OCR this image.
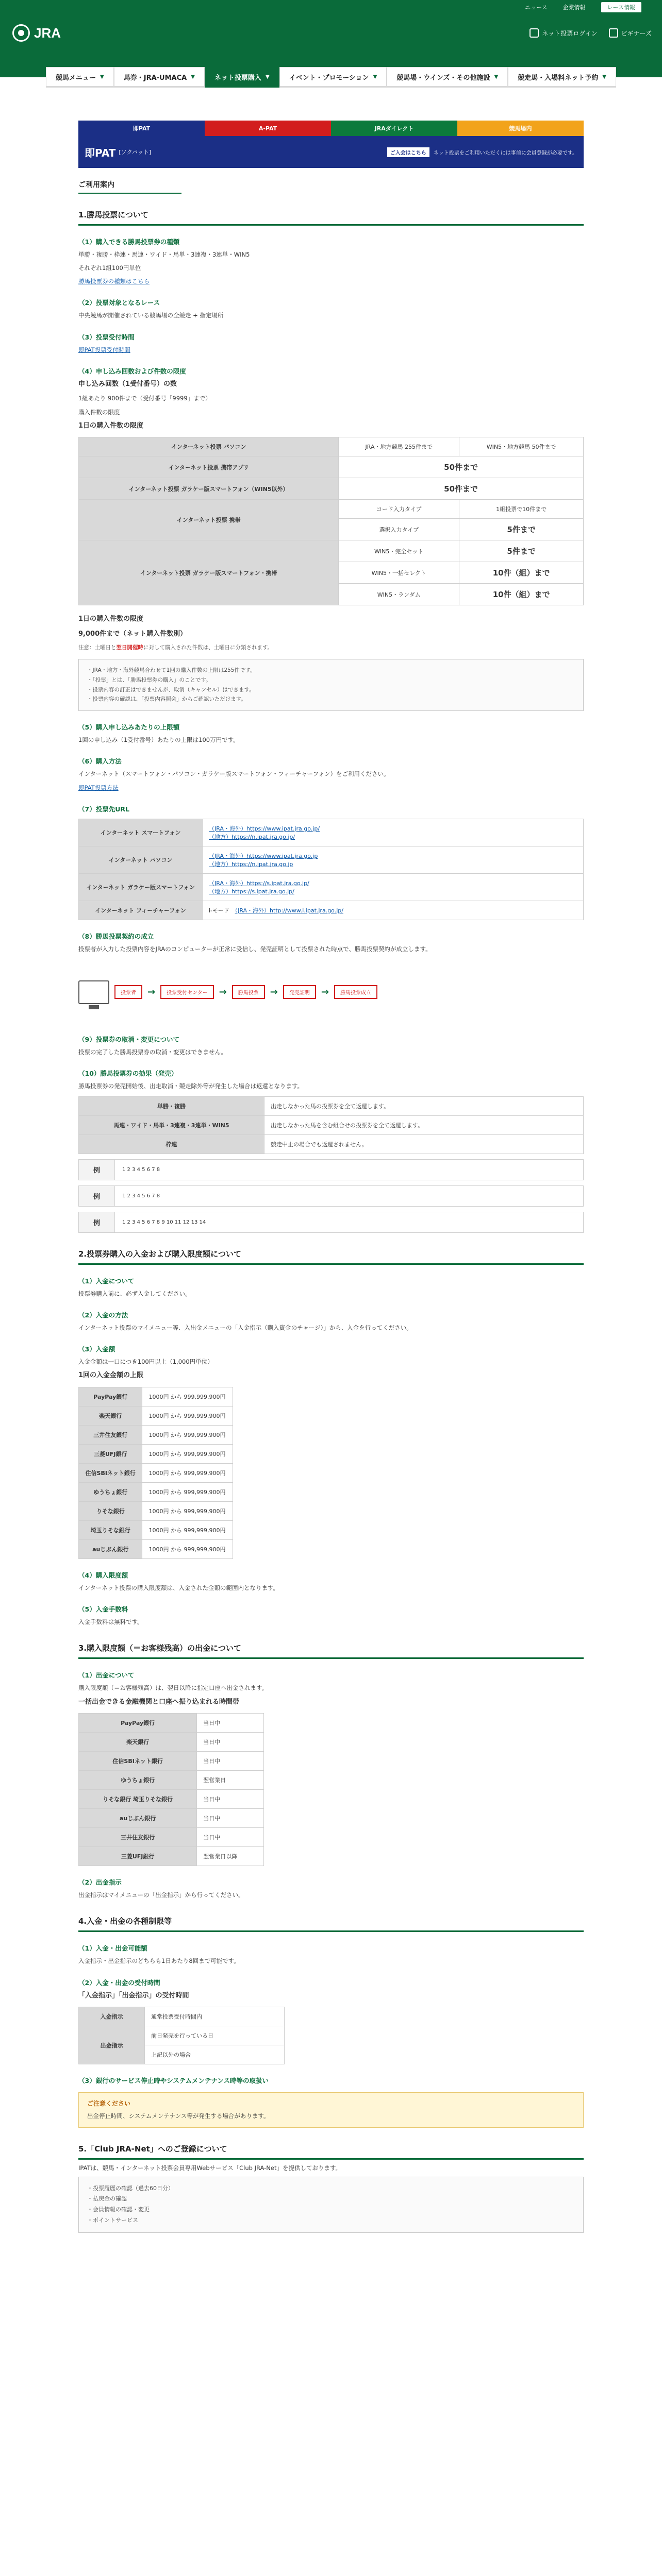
ニュース	企業情報	レース情報
JRA	ネット投票ログイン	ビギナーズ
競馬メニュー ▼	馬券・JRA-UMACA ▼	ネット投票購入 ▼	イベント・プロモーション ▼	競馬場・ウインズ・その他施設 ▼	競走馬・入場料ネット予約 ▼
即PAT	A-PAT	JRAダイレクト	競馬場内
即PAT [ソクパット]	ご入会はこちら	ネット投票をご利用いただくには事前に会員登録が必要です。
ご利用案内
1.勝馬投票について
（1）購入できる勝馬投票券の種類

単勝・複勝・枠連・馬連・ワイド・馬単・3連複・3連単・WIN5

それぞれ1組100円単位

勝馬投票券の種類はこちら

（2）投票対象となるレース

中央競馬が開催されている競馬場の全競走 + 指定場所

（3）投票受付時間

即PAT投票受付時間

（4）申し込み回数および件数の限度

申し込み回数（1受付番号）の数

1組あたり 900件まで（受付番号「9999」まで）

購入件数の限度

1日の購入件数の限度

インターネット投票 パソコン	JRA・地方競馬 255件まで	WIN5・地方競馬 50件まで
インターネット投票 携帯アプリ	50件まで	
インターネット投票 ガラケー版スマートフォン（WIN5以外）	50件まで	
インターネット投票 携帯	コード入力タイプ	1組投票で10件まで
	選択入力タイプ	5件まで
インターネット投票 ガラケー版スマートフォン・携帯	WIN5・完全セット	5件まで
	WIN5・一括セレクト	10件（組）まで
	WIN5・ランダム	10件（組）まで

1日の購入件数の限度

9,000件まで（ネット購入件数別）

注意：土曜日と翌日開催時に対して購入された件数は、土曜日に分類されます。

・ JRA・地方・海外競馬合わせて1回の購入件数の上限は255件です。
・ 「投票」とは、「勝馬投票券の購入」のことです。
・ 投票内容の訂正はできませんが、取消（キャンセル）はできます。
・ 投票内容の確認は、「投票内容照会」からご確認いただけます。
（5）購入申し込みあたりの上限額

1回の申し込み（1受付番号）あたりの上限は100万円です。

（6）購入方法

インターネット（スマートフォン・パソコン・ガラケー版スマートフォン・フィーチャーフォン）をご利用ください。

即PAT投票方法

（7）投票先URL
インターネット スマートフォン	（JRA・海外）https://www.ipat.jra.go.jp/
（地方）https://n.ipat.jra.go.jp/
インターネット パソコン	（JRA・海外）https://www.ipat.jra.go.jp
（地方）https://n.ipat.jra.go.jp
インターネット ガラケー版スマートフォン	（JRA・海外）https://s.ipat.jra.go.jp/
（地方）https://s.ipat.jra.go.jp/
インターネット フィーチャーフォン	i-モード　 （JRA・海外）http://www.i.ipat.jra.go.jp/
（8）勝馬投票契約の成立

投票者が入力した投票内容をJRAのコンピューターが正常に受信し、発売証明として投票された時点で、勝馬投票契約が成立します。

投票者	→	投票受付センター	→	勝馬投票	→	発売証明	→	勝馬投票成立
（9）投票券の取消・変更について

投票の完了した勝馬投票券の取消・変更はできません。

（10）勝馬投票券の効果（発売）

勝馬投票券の発売開始後、出走取消・競走除外等が発生した場合は返還となります。

単勝・複勝	出走しなかった馬の投票券を全て返還します。
馬連・ワイド・馬単・3連複・3連単・WIN5	出走しなかった馬を含む組合せの投票券を全て返還します。
枠連	競走中止の場合でも返還されません。
例	1 2 3 4 5 6 7 8
例	1 2 3 4 5 6 7 8
例	1 2 3 4 5 6 7 8 9 10 11 12 13 14
2.投票券購入の入金および購入限度額について
（1）入金について

投票券購入前に、必ず入金してください。

（2）入金の方法

インターネット投票のマイメニュー等、入出金メニューの「入金指示（購入資金のチャージ）」から、入金を行ってください。

（3）入金額

入金金額は一口につき100円以上（1,000円単位）

1回の入金金額の上限

PayPay銀行	1000円 から 999,999,900円
楽天銀行	1000円 から 999,999,900円
三井住友銀行	1000円 から 999,999,900円
三菱UFJ銀行	1000円 から 999,999,900円
住信SBIネット銀行	1000円 から 999,999,900円
ゆうちょ銀行	1000円 から 999,999,900円
りそな銀行	1000円 から 999,999,900円
埼玉りそな銀行	1000円 から 999,999,900円
auじぶん銀行	1000円 から 999,999,900円
（4）購入限度額

インターネット投票の購入限度額は、入金された金額の範囲内となります。

（5）入金手数料

入金手数料は無料です。

3.購入限度額（＝お客様残高）の出金について
（1）出金について

購入限度額（＝お客様残高）は、翌日以降に指定口座へ出金されます。

一括出金できる金融機関と口座へ振り込まれる時間帯

PayPay銀行	当日中
楽天銀行	当日中
住信SBIネット銀行	当日中
ゆうちょ銀行	翌営業日
りそな銀行 埼玉りそな銀行	当日中
auじぶん銀行	当日中
三井住友銀行	当日中
三菱UFJ銀行	翌営業日以降
（2）出金指示

出金指示はマイメニューの「出金指示」から行ってください。

4.入金・出金の各種制限等
（1）入金・出金可能額

入金指示・出金指示のどちらも1日あたり8回まで可能です。

（2）入金・出金の受付時間

「入金指示」「出金指示」の受付時間

入金指示	通常投票受付時間内
出金指示	前日発売を行っている日
	上記以外の場合
（3）銀行のサービス停止時やシステムメンテナンス時等の取扱い
ご注意ください

出金停止時間、システムメンテナンス等が発生する場合があります。

5.「Club JRA-Net」へのご登録について

IPATは、競馬・インターネット投票会員専用Webサービス「Club JRA-Net」を提供しております。

・ 投票履歴の確認（過去60日分）
・ 払戻金の確認
・ 会員情報の確認・変更
・ ポイントサービス
